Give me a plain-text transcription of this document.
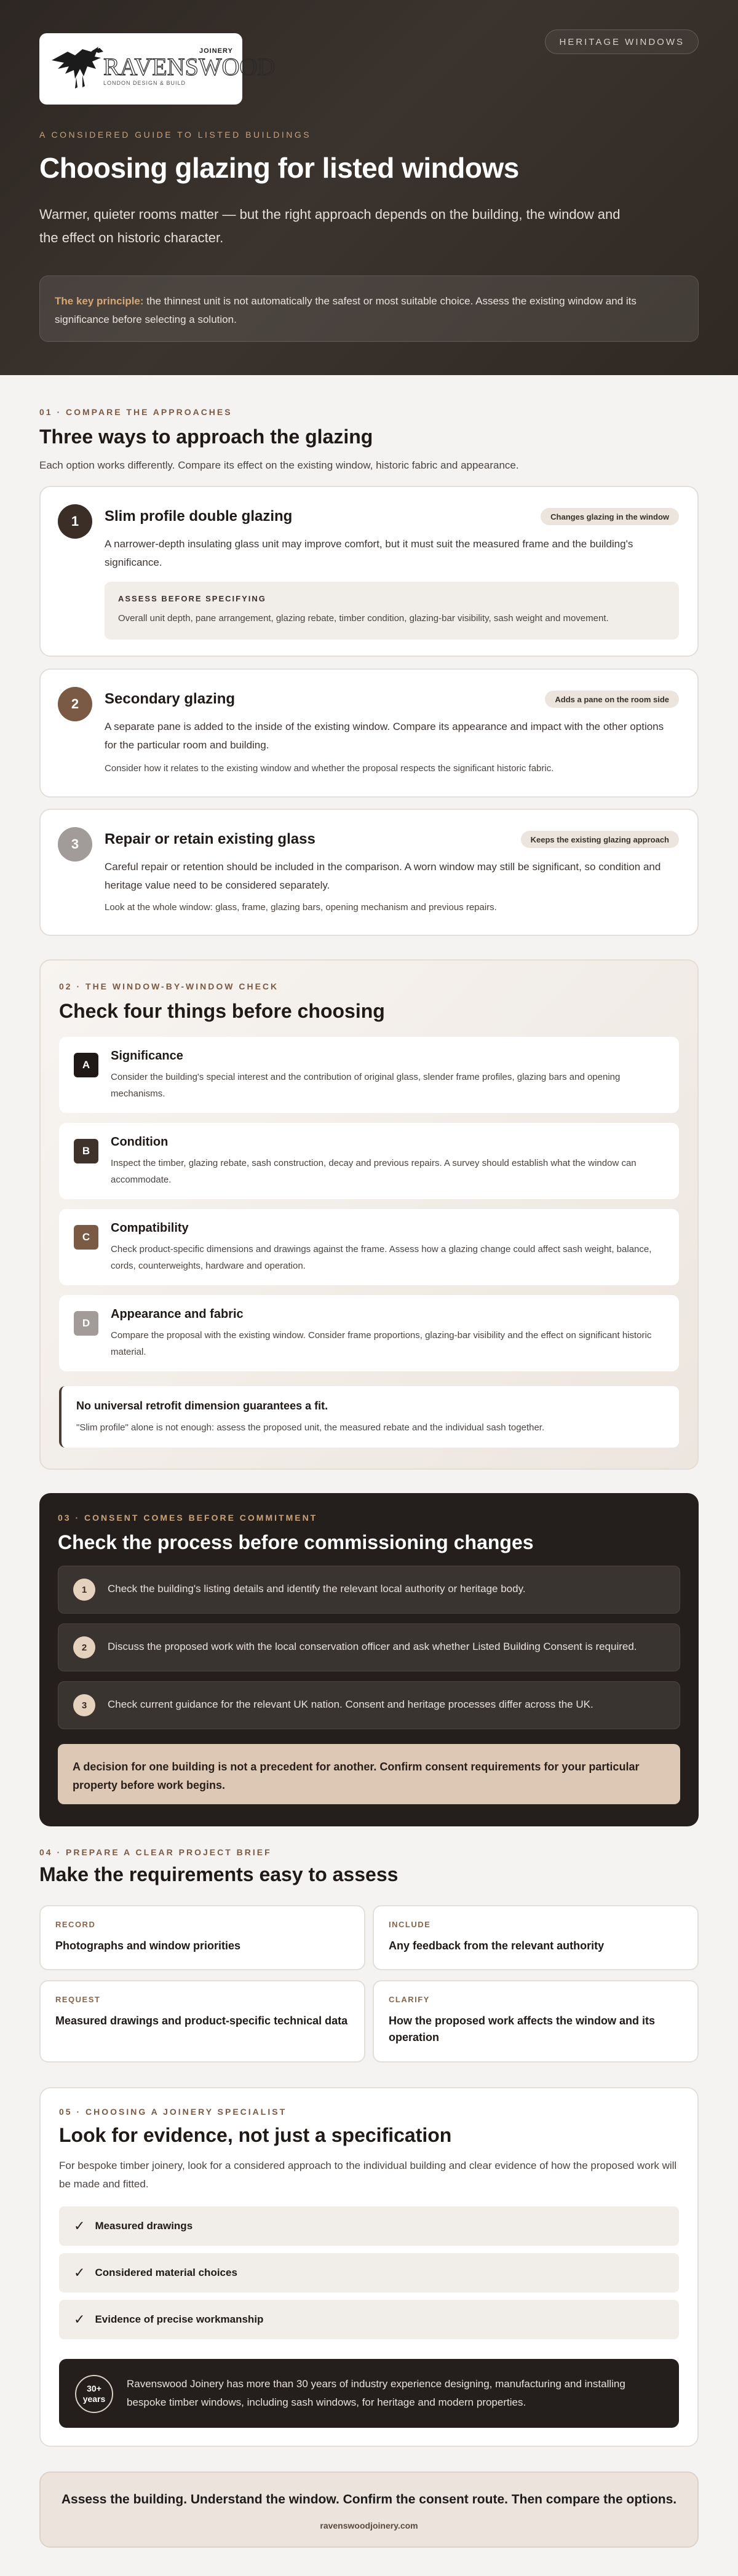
RAVENSWOOD
JOINERY
LONDON DESIGN & BUILD
HERITAGE WINDOWS
A CONSIDERED GUIDE TO LISTED BUILDINGS
Choosing glazing for listed windows
Warmer, quieter rooms matter — but the right approach depends on the building, the window and the effect on historic character.
The key principle: the thinnest unit is not automatically the safest or most suitable choice. Assess the existing window and its significance before selecting a solution.
01 · COMPARE THE APPROACHES
Three ways to approach the glazing
Each option works differently. Compare its effect on the existing window, historic fabric and appearance.
1	Slim profile double glazing	Changes glazing in the window
A narrower-depth insulating glass unit may improve comfort, but it must suit the measured frame and the building's significance.
ASSESS BEFORE SPECIFYING
Overall unit depth, pane arrangement, glazing rebate, timber condition, glazing-bar visibility, sash weight and movement.
2	Secondary glazing	Adds a pane on the room side
A separate pane is added to the inside of the existing window. Compare its appearance and impact with the other options for the particular room and building.
Consider how it relates to the existing window and whether the proposal respects the significant historic fabric.
3	Repair or retain existing glass	Keeps the existing glazing approach
Careful repair or retention should be included in the comparison. A worn window may still be significant, so condition and heritage value need to be considered separately.
Look at the whole window: glass, frame, glazing bars, opening mechanism and previous repairs.
02 · THE WINDOW-BY-WINDOW CHECK
Check four things before choosing
A
Significance
Consider the building's special interest and the contribution of original glass, slender frame profiles, glazing bars and opening mechanisms.
B
Condition
Inspect the timber, glazing rebate, sash construction, decay and previous repairs. A survey should establish what the window can accommodate.
C
Compatibility
Check product-specific dimensions and drawings against the frame. Assess how a glazing change could affect sash weight, balance, cords, counterweights, hardware and operation.
D
Appearance and fabric
Compare the proposal with the existing window. Consider frame proportions, glazing-bar visibility and the effect on significant historic material.
No universal retrofit dimension guarantees a fit.
"Slim profile" alone is not enough: assess the proposed unit, the measured rebate and the individual sash together.
03 · CONSENT COMES BEFORE COMMITMENT
Check the process before commissioning changes
1	Check the building's listing details and identify the relevant local authority or heritage body.
2	Discuss the proposed work with the local conservation officer and ask whether Listed Building Consent is required.
3	Check current guidance for the relevant UK nation. Consent and heritage processes differ across the UK.
A decision for one building is not a precedent for another. Confirm consent requirements for your particular property before work begins.
04 · PREPARE A CLEAR PROJECT BRIEF
Make the requirements easy to assess
RECORD
Photographs and window priorities
INCLUDE
Any feedback from the relevant authority
REQUEST
Measured drawings and product-specific technical data
CLARIFY
How the proposed work affects the window and its operation
05 · CHOOSING A JOINERY SPECIALIST
Look for evidence, not just a specification
For bespoke timber joinery, look for a considered approach to the individual building and clear evidence of how the proposed work will be made and fitted.
✓ Measured drawings
✓ Considered material choices
✓ Evidence of precise workmanship
30+
years
Ravenswood Joinery has more than 30 years of industry experience designing, manufacturing and installing bespoke timber windows, including sash windows, for heritage and modern properties.
Assess the building. Understand the window. Confirm the consent route. Then compare the options.
ravenswoodjoinery.com
